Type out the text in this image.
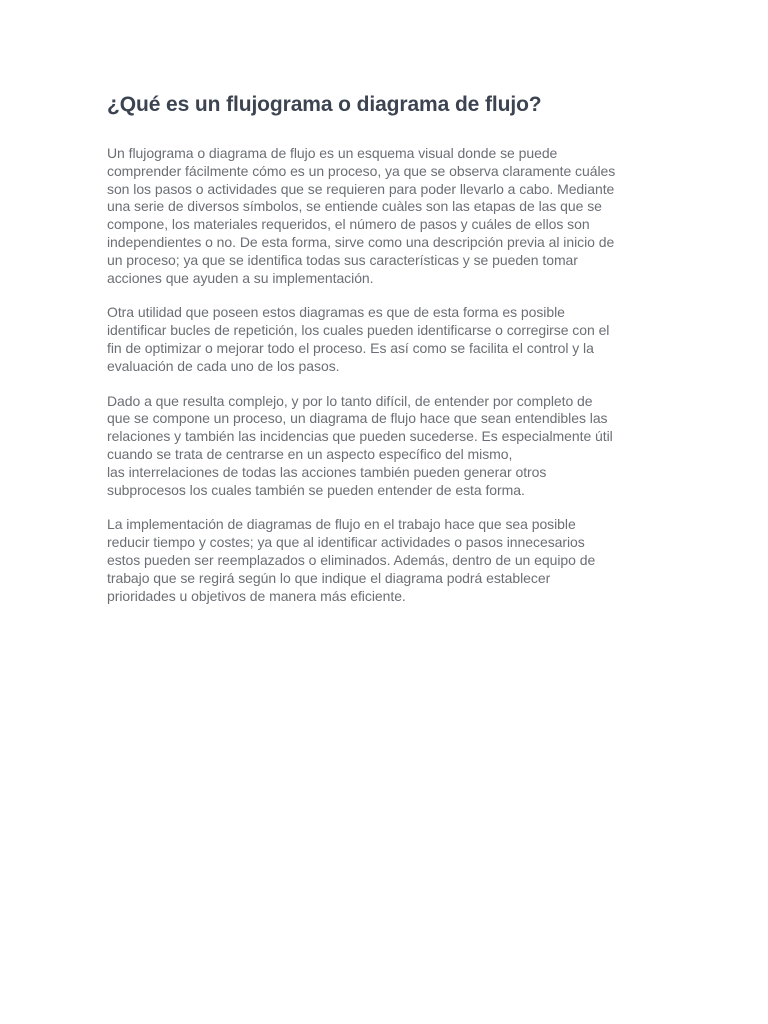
¿Qué es un flujograma o diagrama de flujo?

Un flujograma o diagrama de flujo es un esquema visual donde se puede
comprender fácilmente cómo es un proceso, ya que se observa claramente cuáles
son los pasos o actividades que se requieren para poder llevarlo a cabo. Mediante
una serie de diversos símbolos, se entiende cuàles son las etapas de las que se
compone, los materiales requeridos, el número de pasos y cuáles de ellos son
independientes o no. De esta forma, sirve como una descripción previa al inicio de
un proceso; ya que se identifica todas sus características y se pueden tomar
acciones que ayuden a su implementación.

Otra utilidad que poseen estos diagramas es que de esta forma es posible
identificar bucles de repetición, los cuales pueden identificarse o corregirse con el
fin de optimizar o mejorar todo el proceso. Es así como se facilita el control y la
evaluación de cada uno de los pasos.

Dado a que resulta complejo, y por lo tanto difícil, de entender por completo de
que se compone un proceso, un diagrama de flujo hace que sean entendibles las
relaciones y también las incidencias que pueden sucederse. Es especialmente útil
cuando se trata de centrarse en un aspecto específico del mismo,
las interrelaciones de todas las acciones también pueden generar otros
subprocesos los cuales también se pueden entender de esta forma.

La implementación de diagramas de flujo en el trabajo hace que sea posible
reducir tiempo y costes; ya que al identificar actividades o pasos innecesarios
estos pueden ser reemplazados o eliminados. Además, dentro de un equipo de
trabajo que se regirá según lo que indique el diagrama podrá establecer
prioridades u objetivos de manera más eficiente.
